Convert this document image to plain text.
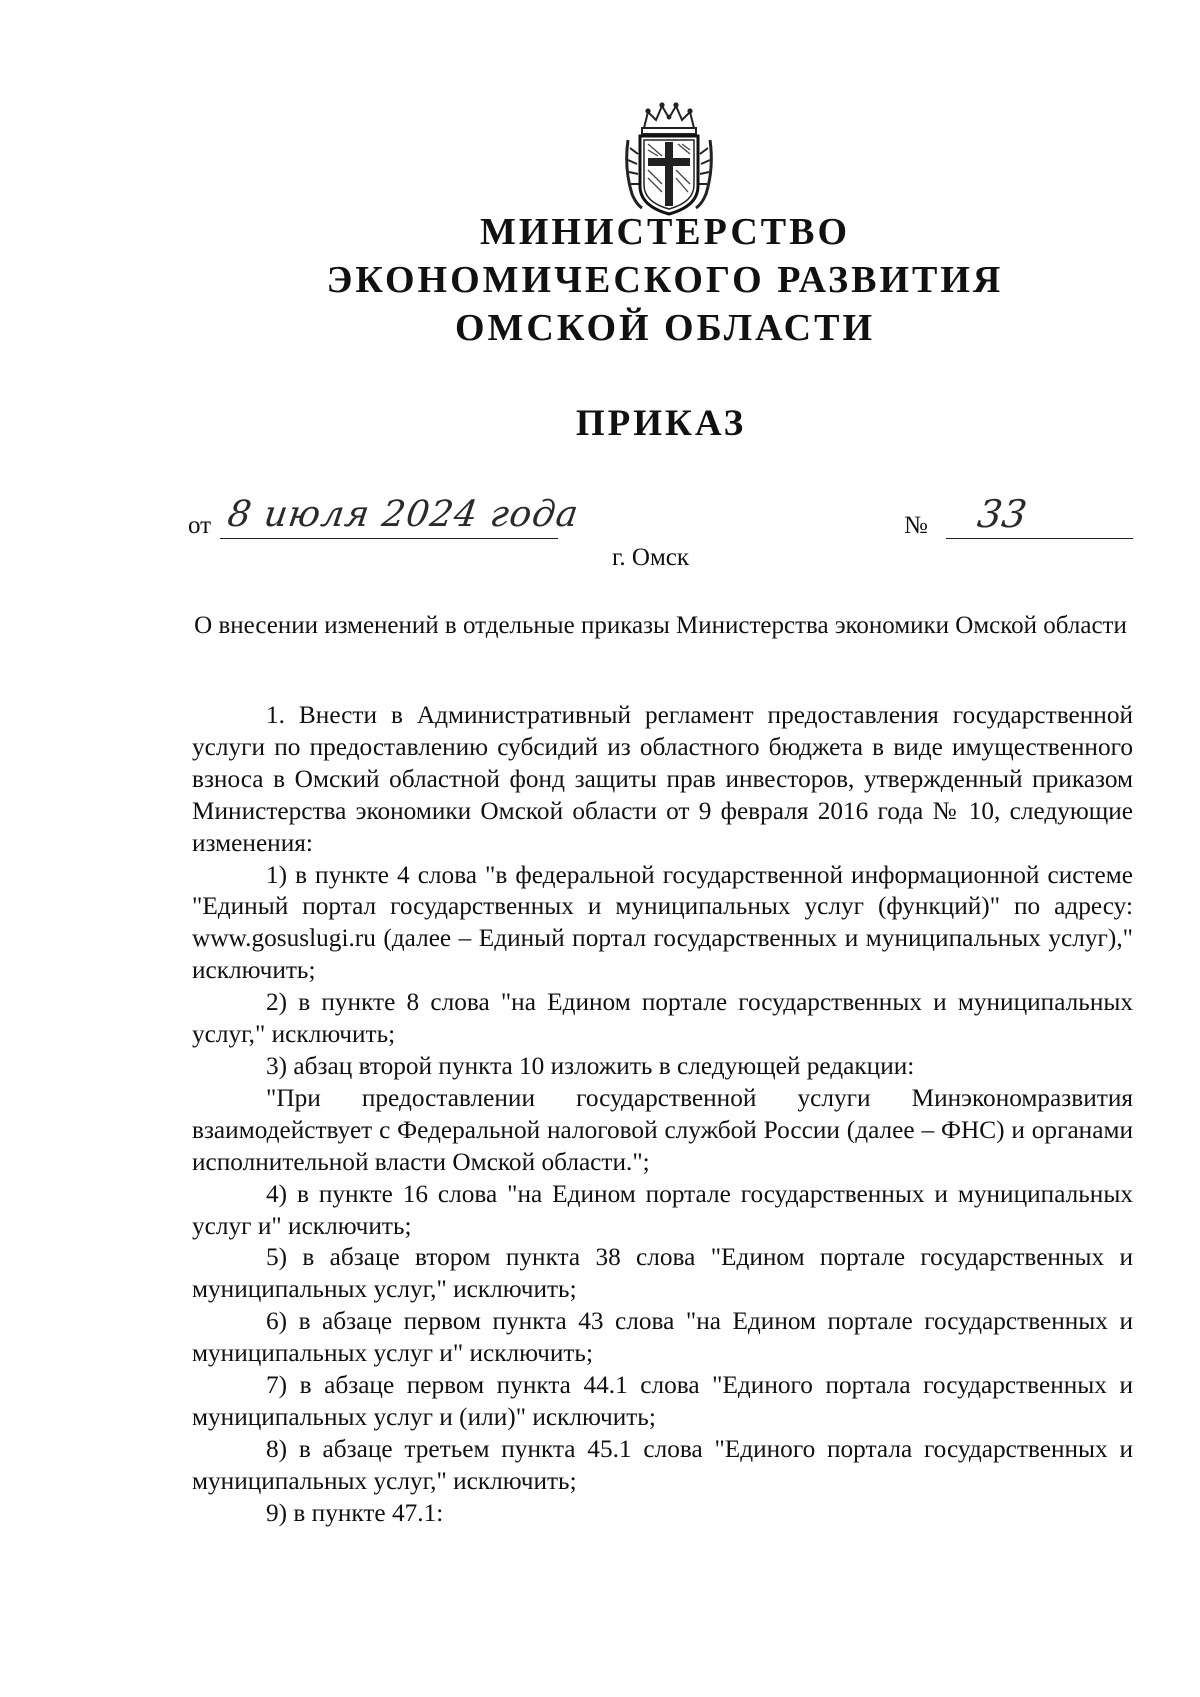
МИНИСТЕРСТВО
ЭКОНОМИЧЕСКОГО РАЗВИТИЯ
ОМСКОЙ ОБЛАСТИ
ПРИКАЗ
от 8 июля 2024 года	№ 33
г. Омск
О внесении изменений в отдельные приказы Министерства экономики Омской области

1. Внести в Административный регламент предоставления государственной услуги по предоставлению субсидий из областного бюджета в виде имущественного взноса в Омский областной фонд защиты прав инвесторов, утвержденный приказом Министерства экономики Омской области от 9 февраля 2016 года № 10, следующие изменения:

1) в пункте 4 слова "в федеральной государственной информационной системе "Единый портал государственных и муниципальных услуг (функций)" по адресу: www.gosuslugi.ru (далее – Единый портал государственных и муниципальных услуг)," исключить;

2) в пункте 8 слова "на Едином портале государственных и муниципальных услуг," исключить;

3) абзац второй пункта 10 изложить в следующей редакции:

"При предоставлении государственной услуги Минэкономразвития взаимодействует с Федеральной налоговой службой России (далее – ФНС) и органами исполнительной власти Омской области.";

4) в пункте 16 слова "на Едином портале государственных и муниципальных услуг и" исключить;

5) в абзаце втором пункта 38 слова "Едином портале государственных и муниципальных услуг," исключить;

6) в абзаце первом пункта 43 слова "на Едином портале государственных и муниципальных услуг и" исключить;

7) в абзаце первом пункта 44.1 слова "Единого портала государственных и муниципальных услуг и (или)" исключить;

8) в абзаце третьем пункта 45.1 слова "Единого портала государственных и муниципальных услуг," исключить;

9) в пункте 47.1:
